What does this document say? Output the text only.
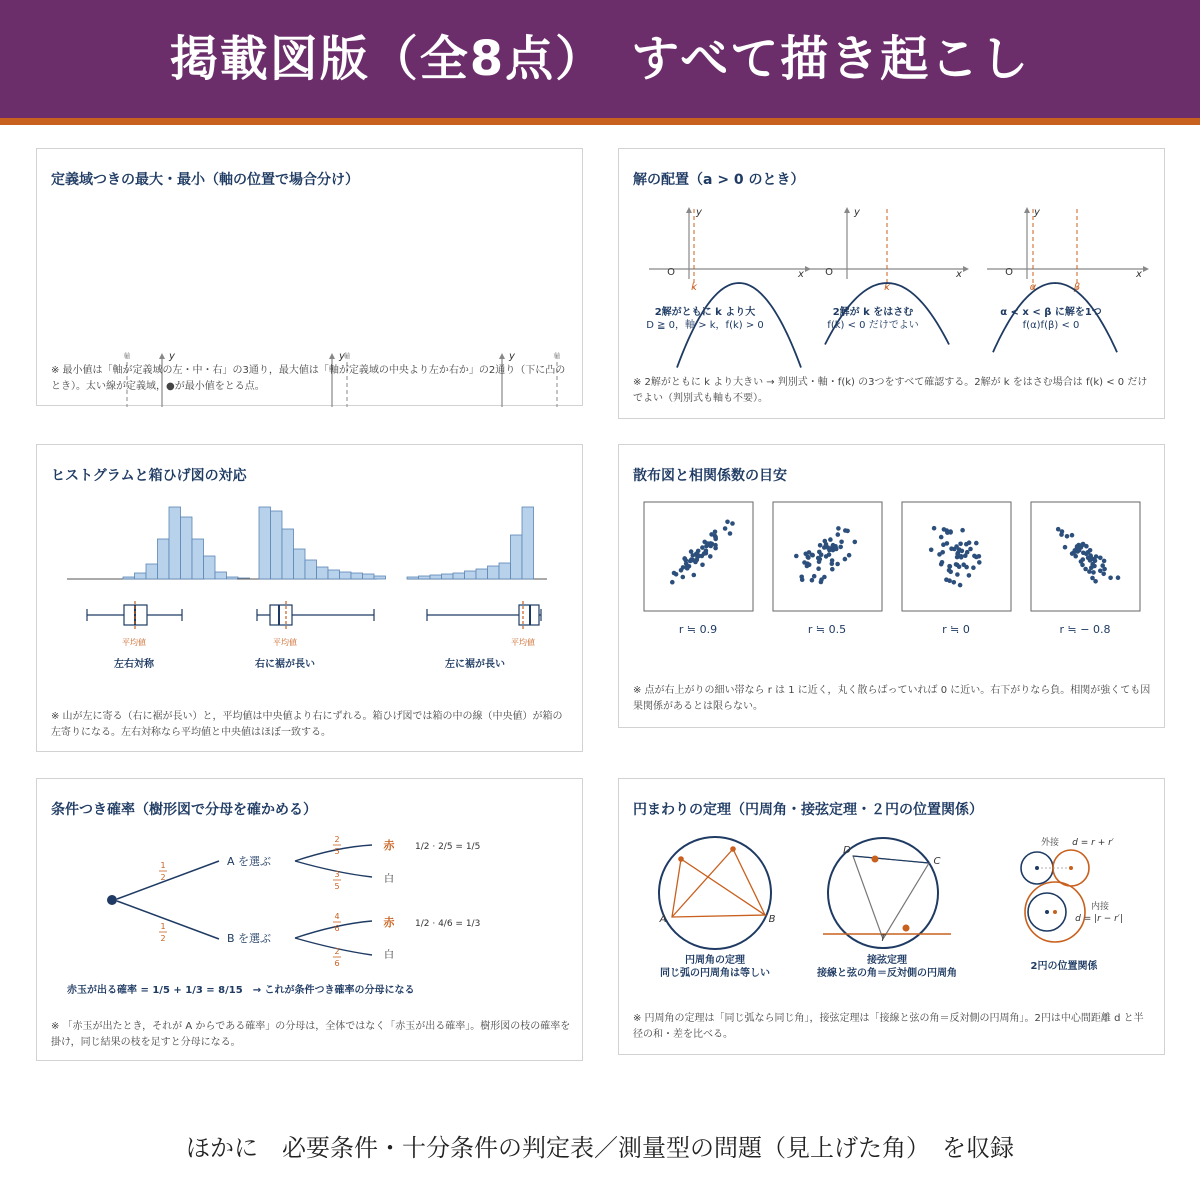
掲載図版（全8点）　すべて描き起こし
定義域つきの最大・最小（軸の位置で場合分け）
y
軸	y
軸	y	軸
※ 最小値は「軸が定義域の左・中・右」の3通り，最大値は「軸が定義域の中央より左か右か」の2通り（下に凸のとき）。太い線が定義域，●が最小値をとる点。
解の配置（a > 0 のとき）
x
y
O
k
2解がともに k より大
D ≧ 0，軸 > k，f(k) > 0
x
y
O
k
2解が k をはさむ
f(k) < 0 だけでよい
x
y
O
α	β
α < x < β に解を1つ
f(α)f(β) < 0
※ 2解がともに k より大きい → 判別式・軸・f(k) の3つをすべて確認する。2解が k をはさむ場合は f(k) < 0 だけでよい（判別式も軸も不要）。
ヒストグラムと箱ひげ図の対応
平均値
左右対称
平均値
右に裾が長い
平均値
左に裾が長い
※ 山が左に寄る（右に裾が長い）と，平均値は中央値より右にずれる。箱ひげ図では箱の中の線（中央値）が箱の左寄りになる。左右対称なら平均値と中央値はほぼ一致する。
散布図と相関係数の目安
r ≒ 0.9	r ≒ 0.5	r ≒ 0	r ≒ − 0.8
※ 点が右上がりの細い帯なら r は 1 に近く，丸く散らばっていれば 0 に近い。右下がりなら負。相関が強くても因果関係があるとは限らない。
条件つき確率（樹形図で分母を確かめる）
1
2
1
2
A を選ぶ
B を選ぶ
2
5
3
5
4
6
2
6
赤
白
赤
白
1/2 · 2/5 = 1/5
1/2 · 4/6 = 1/3
赤玉が出る確率 = 1/5 + 1/3 = 8/15　→ これが条件つき確率の分母になる
※ 「赤玉が出たとき，それが A からである確率」の分母は，全体ではなく「赤玉が出る確率」。樹形図の枝の確率を掛け，同じ結果の枝を足すと分母になる。
円まわりの定理（円周角・接弦定理・２円の位置関係）
A	B
円周角の定理
同じ弧の円周角は等しい
D
C
T
接弦定理
接線と弦の角＝反対側の円周角
外接 d = r + r′
内接
d = |r − r′|
2円の位置関係
※ 円周角の定理は「同じ弧なら同じ角」，接弦定理は「接線と弦の角＝反対側の円周角」。2円は中心間距離 d と半径の和・差を比べる。
ほかに　必要条件・十分条件の判定表／測量型の問題（見上げた角）　を収録
